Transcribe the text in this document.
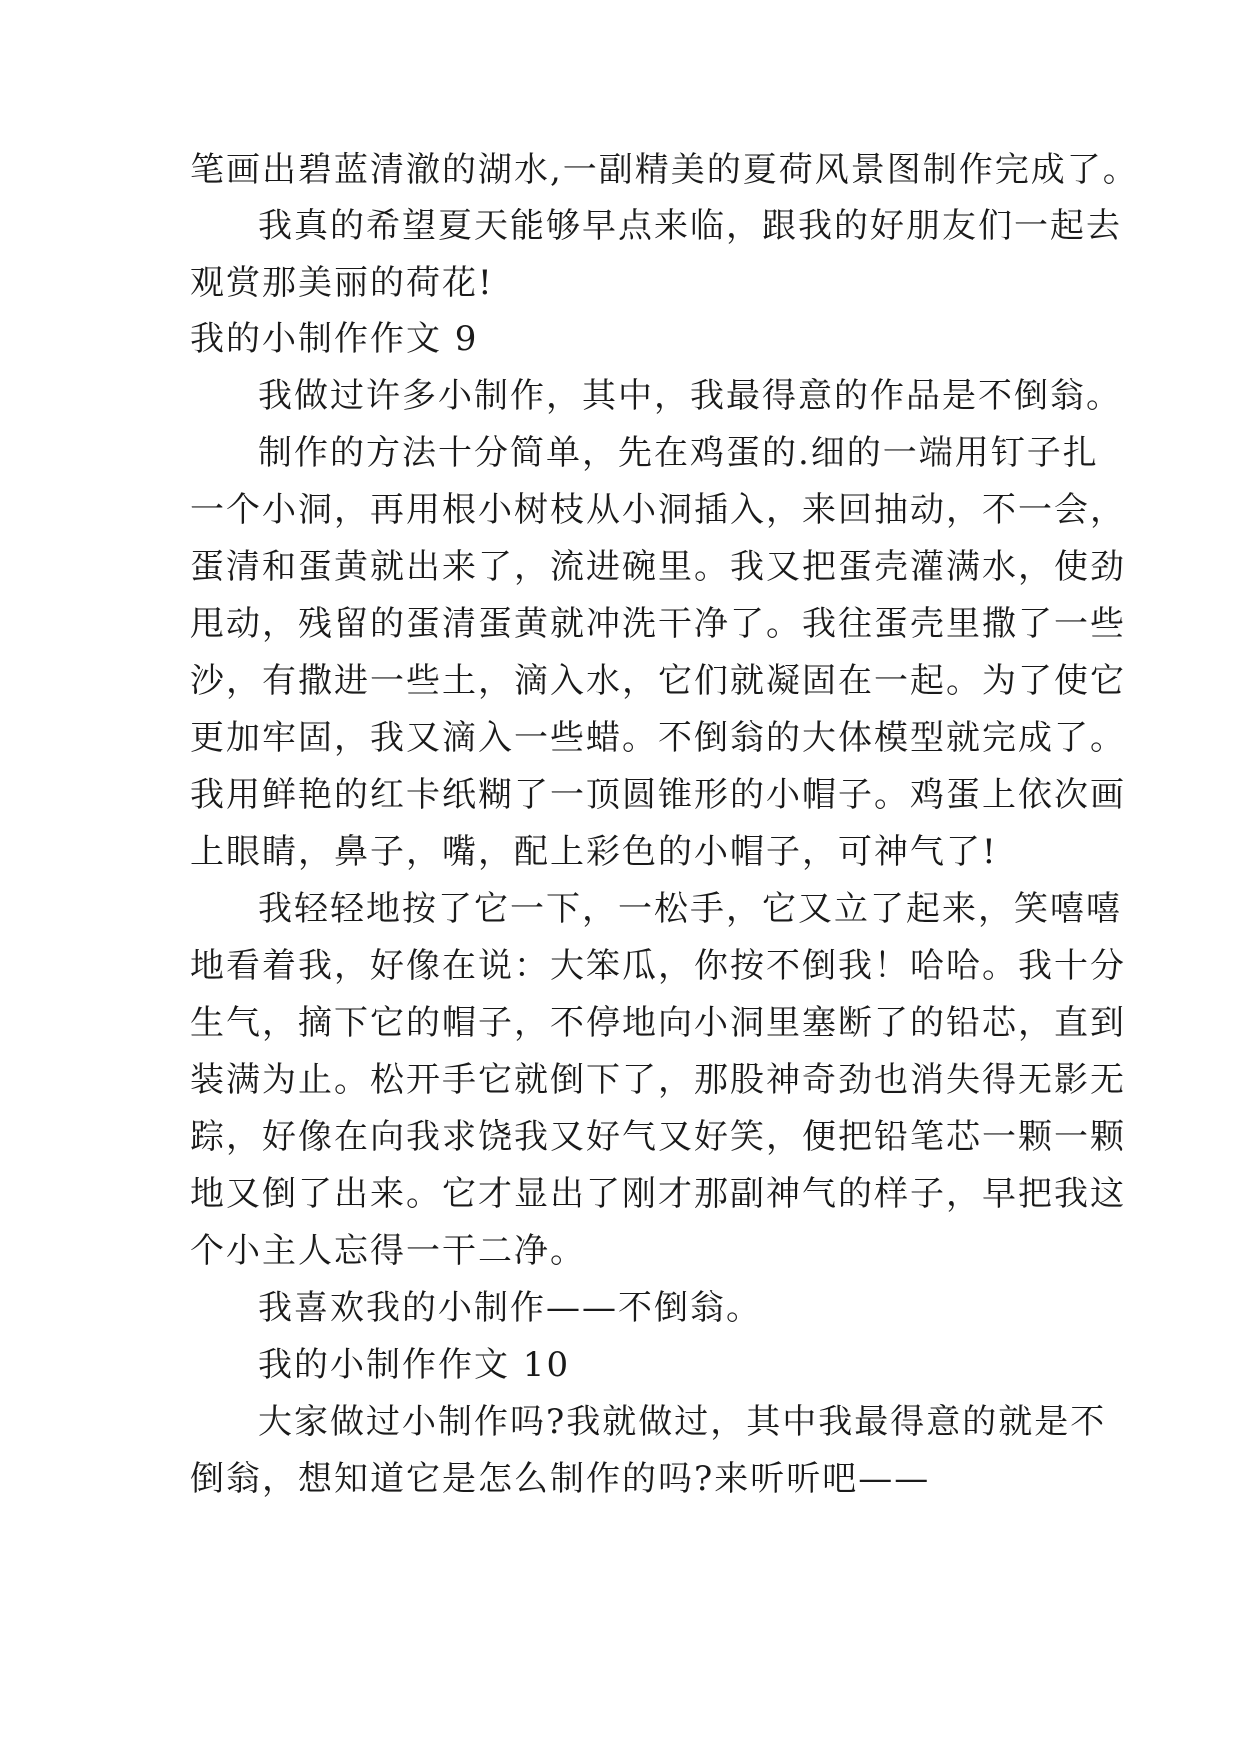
笔画出碧蓝清澈的湖水,一副精美的夏荷风景图制作完成了。
我真的希望夏天能够早点来临，跟我的好朋友们一起去
观赏那美丽的荷花!
我的小制作作文 9
我做过许多小制作，其中，我最得意的作品是不倒翁。
制作的方法十分简单，先在鸡蛋的.细的一端用钉子扎
一个小洞，再用根小树枝从小洞插入，来回抽动，不一会，
蛋清和蛋黄就出来了，流进碗里。我又把蛋壳灌满水，使劲
甩动，残留的蛋清蛋黄就冲洗干净了。我往蛋壳里撒了一些
沙，有撒进一些土，滴入水，它们就凝固在一起。为了使它
更加牢固，我又滴入一些蜡。不倒翁的大体模型就完成了。
我用鲜艳的红卡纸糊了一顶圆锥形的小帽子。鸡蛋上依次画
上眼睛，鼻子，嘴，配上彩色的小帽子，可神气了!
我轻轻地按了它一下，一松手，它又立了起来，笑嘻嘻
地看着我，好像在说：大笨瓜，你按不倒我！哈哈。我十分
生气，摘下它的帽子，不停地向小洞里塞断了的铅芯，直到
装满为止。松开手它就倒下了，那股神奇劲也消失得无影无
踪，好像在向我求饶我又好气又好笑，便把铅笔芯一颗一颗
地又倒了出来。它才显出了刚才那副神气的样子，早把我这
个小主人忘得一干二净。
我喜欢我的小制作——不倒翁。
我的小制作作文 10
大家做过小制作吗?我就做过，其中我最得意的就是不
倒翁，想知道它是怎么制作的吗?来听听吧——
